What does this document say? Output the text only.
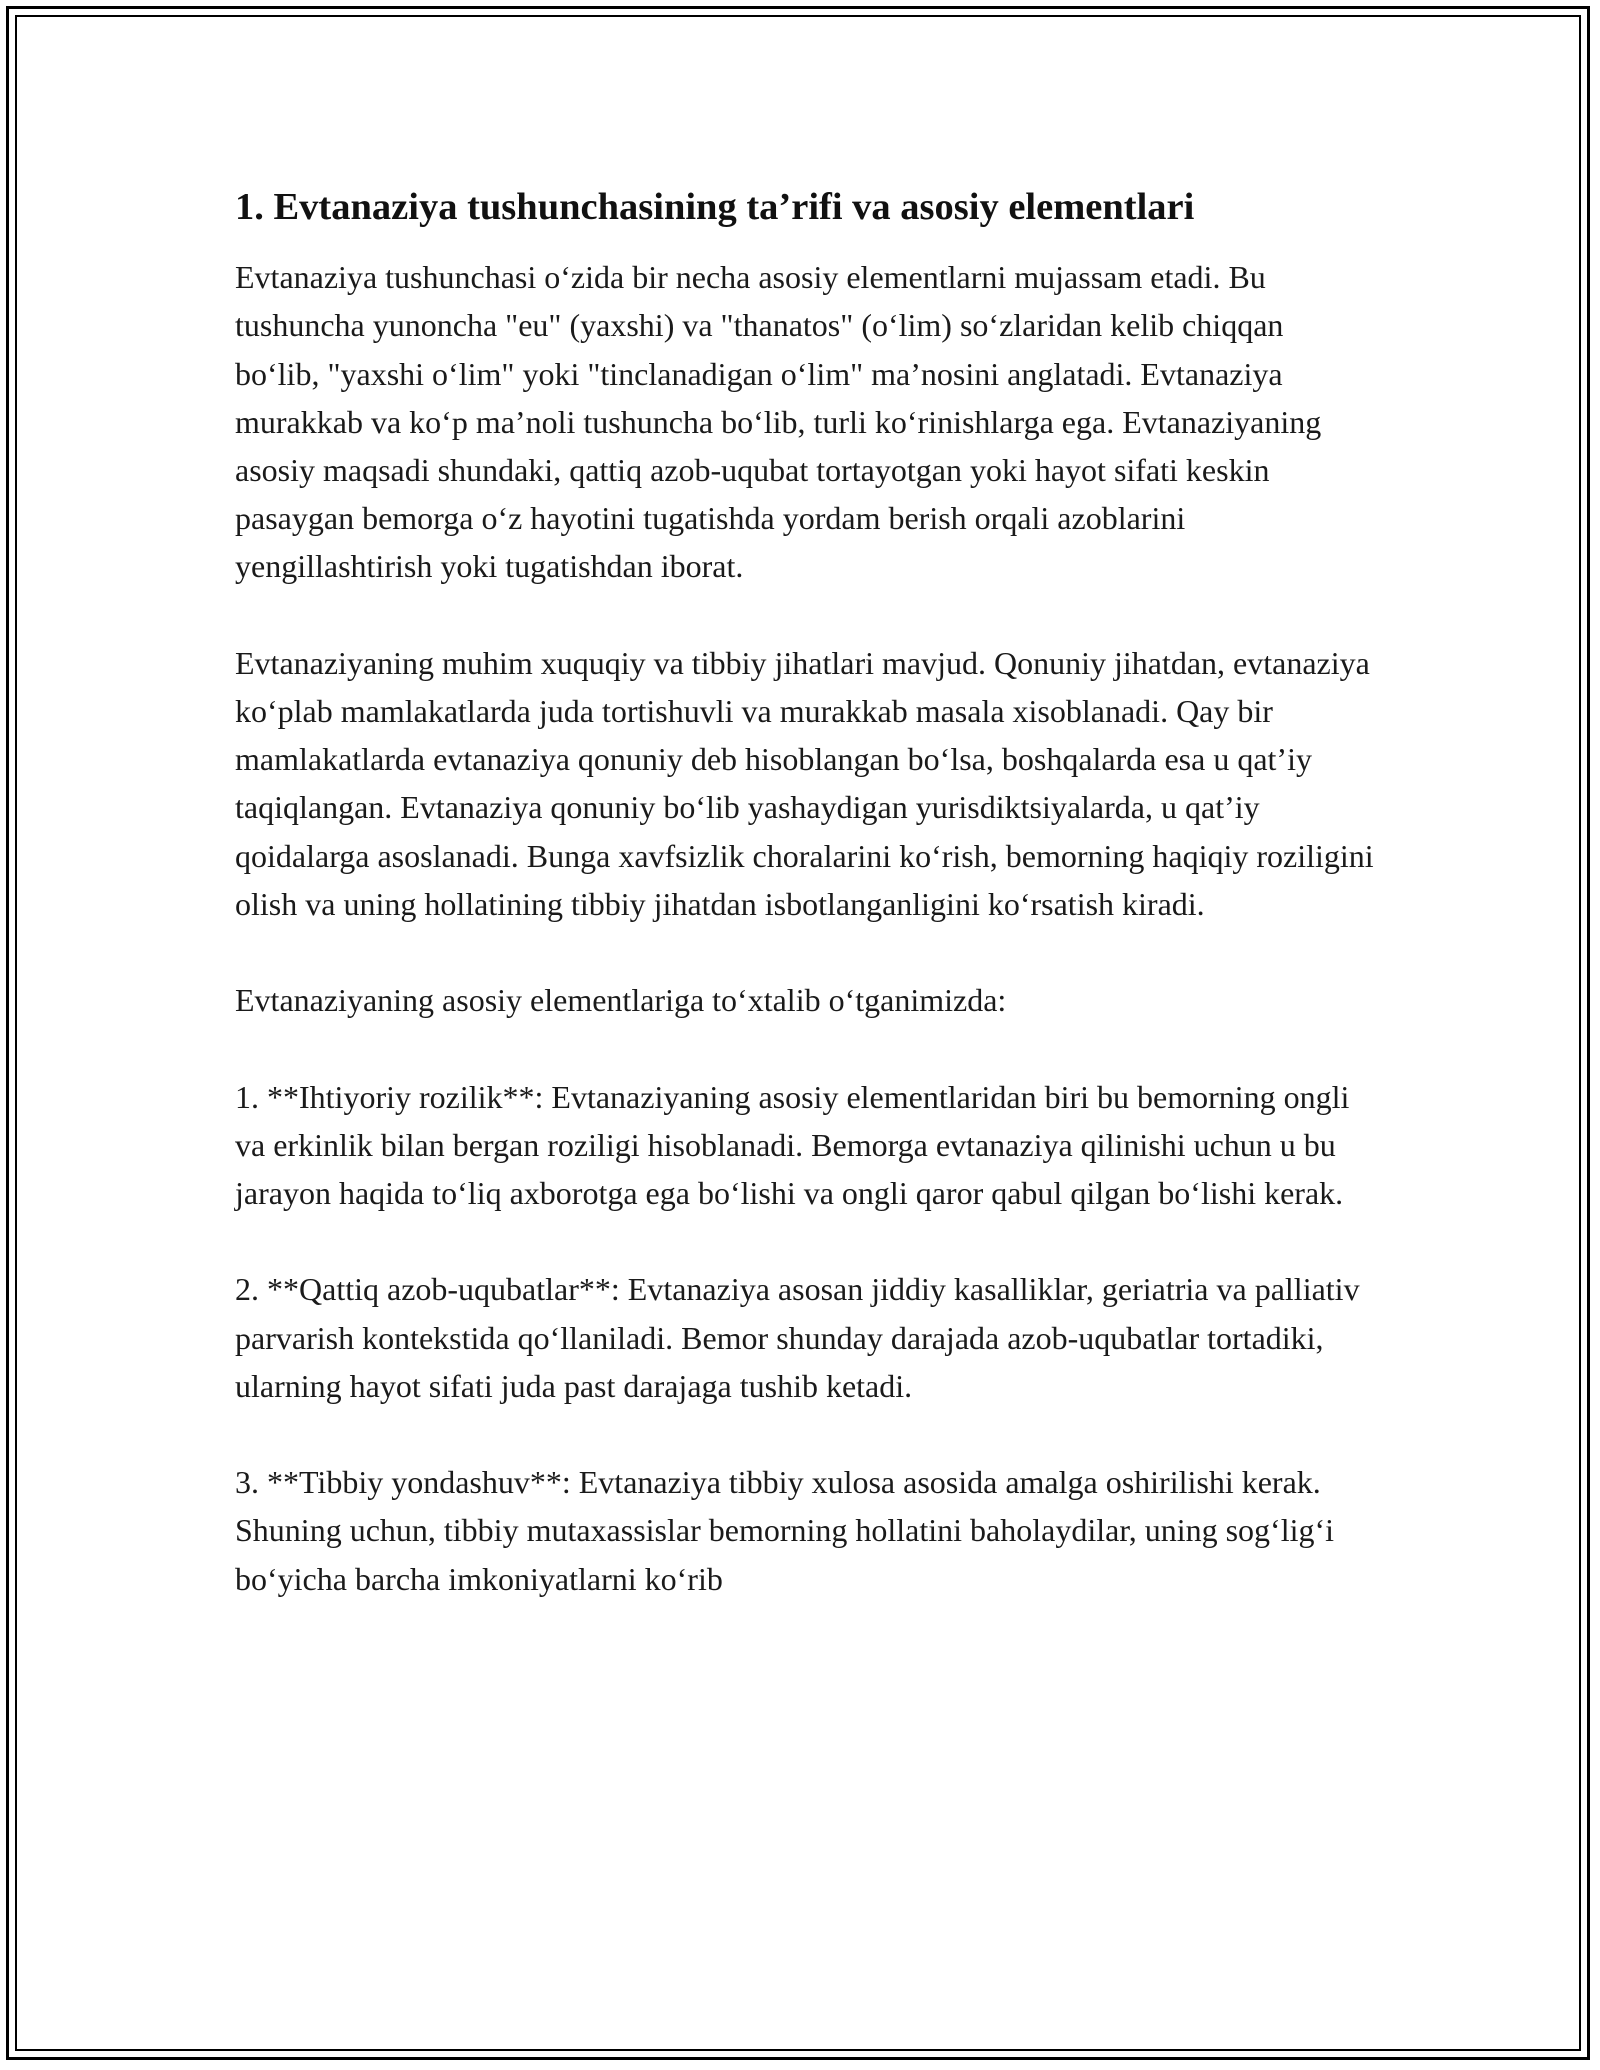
1. Evtanaziya tushunchasining ta’rifi va asosiy elementlari

Evtanaziya tushunchasi o‘zida bir necha asosiy elementlarni mujassam etadi. Bu tushuncha yunoncha "eu" (yaxshi) va "thanatos" (o‘lim) so‘zlaridan kelib chiqqan bo‘lib, "yaxshi o‘lim" yoki "tinclanadigan o‘lim" ma’nosini anglatadi. Evtanaziya murakkab va ko‘p ma’noli tushuncha bo‘lib, turli ko‘rinishlarga ega. Evtanaziyaning asosiy maqsadi shundaki, qattiq azob-uqubat tortayotgan yoki hayot sifati keskin pasaygan bemorga o‘z hayotini tugatishda yordam berish orqali azoblarini yengillashtirish yoki tugatishdan iborat.

Evtanaziyaning muhim xuquqiy va tibbiy jihatlari mavjud. Qonuniy jihatdan, evtanaziya ko‘plab mamlakatlarda juda tortishuvli va murakkab masala xisoblanadi. Qay bir mamlakatlarda evtanaziya qonuniy deb hisoblangan bo‘lsa, boshqalarda esa u qat’iy taqiqlangan. Evtanaziya qonuniy bo‘lib yashaydigan yurisdiktsiyalarda, u qat’iy qoidalarga asoslanadi. Bunga xavfsizlik choralarini ko‘rish, bemorning haqiqiy roziligini olish va uning hollatining tibbiy jihatdan isbotlanganligini ko‘rsatish kiradi.

Evtanaziyaning asosiy elementlariga to‘xtalib o‘tganimizda:

1. **Ihtiyoriy rozilik**: Evtanaziyaning asosiy elementlaridan biri bu bemorning ongli va erkinlik bilan bergan roziligi hisoblanadi. Bemorga evtanaziya qilinishi uchun u bu jarayon haqida to‘liq axborotga ega bo‘lishi va ongli qaror qabul qilgan bo‘lishi kerak.

2. **Qattiq azob-uqubatlar**: Evtanaziya asosan jiddiy kasalliklar, geriatria va palliativ parvarish kontekstida qo‘llaniladi. Bemor shunday darajada azob-uqubatlar tortadiki, ularning hayot sifati juda past darajaga tushib ketadi.

3. **Tibbiy yondashuv**: Evtanaziya tibbiy xulosa asosida amalga oshirilishi kerak. Shuning uchun, tibbiy mutaxassislar bemorning hollatini baholaydilar, uning sog‘lig‘i bo‘yicha barcha imkoniyatlarni ko‘rib
